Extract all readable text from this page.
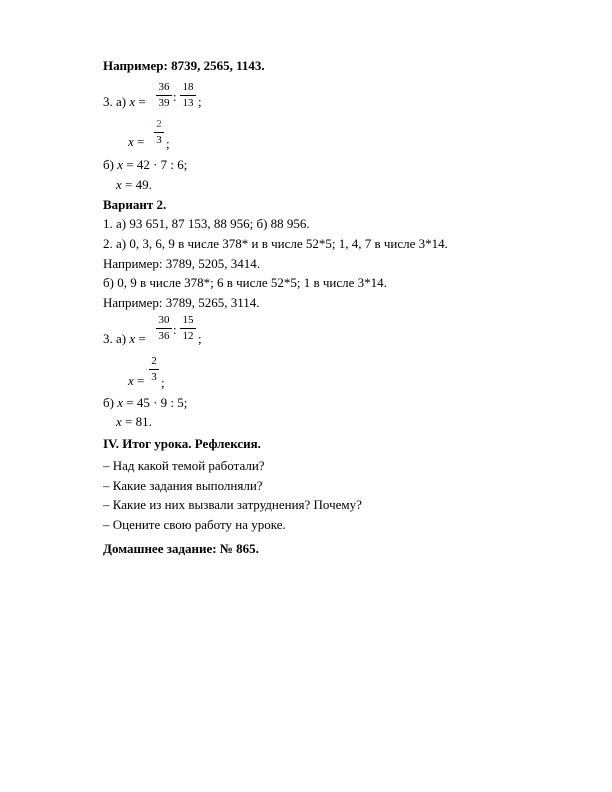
Например: 8739, 2565, 1143.
36
39 :
18
13
3. а) x =	;
x =
2
3 ;
б) x = 42 · 7 : 6;
x = 49.
Вариант 2.
1. а) 93 651, 87 153, 88 956; б) 88 956.
2. а) 0, 3, 6, 9 в числе 378* и в числе 52*5; 1, 4, 7 в числе 3*14.
Например: 3789, 5205, 3414.
б) 0, 9 в числе 378*; 6 в числе 52*5; 1 в числе 3*14.
Например: 3789, 5265, 3114.
30
36 :
15
12
3. а) x =	;
x =
2
3 ;
б) x = 45 · 9 : 5;
x = 81.
IV. Итог урока. Рефлексия.
– Над какой темой работали?
– Какие задания выполняли?
– Какие из них вызвали затруднения? Почему?
– Оцените свою работу на уроке.
Домашнее задание: № 865.
